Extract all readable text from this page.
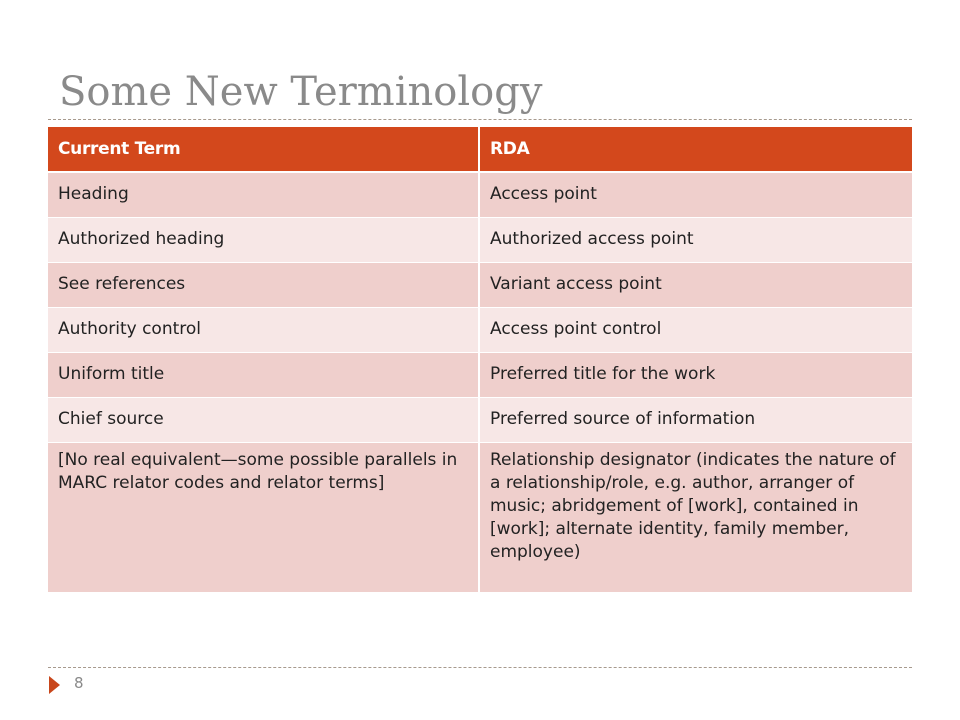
Some New Terminology
Current Term	RDA
Heading	Access point
Authorized heading	Authorized access point
See references	Variant access point
Authority control	Access point control
Uniform title	Preferred title for the work
Chief source	Preferred source of information
[No real equivalent—some possible parallels in MARC relator codes and relator terms]	Relationship designator (indicates the nature of a relationship/role, e.g. author, arranger of music; abridgement of [work], contained in [work]; alternate identity, family member, employee)
8
